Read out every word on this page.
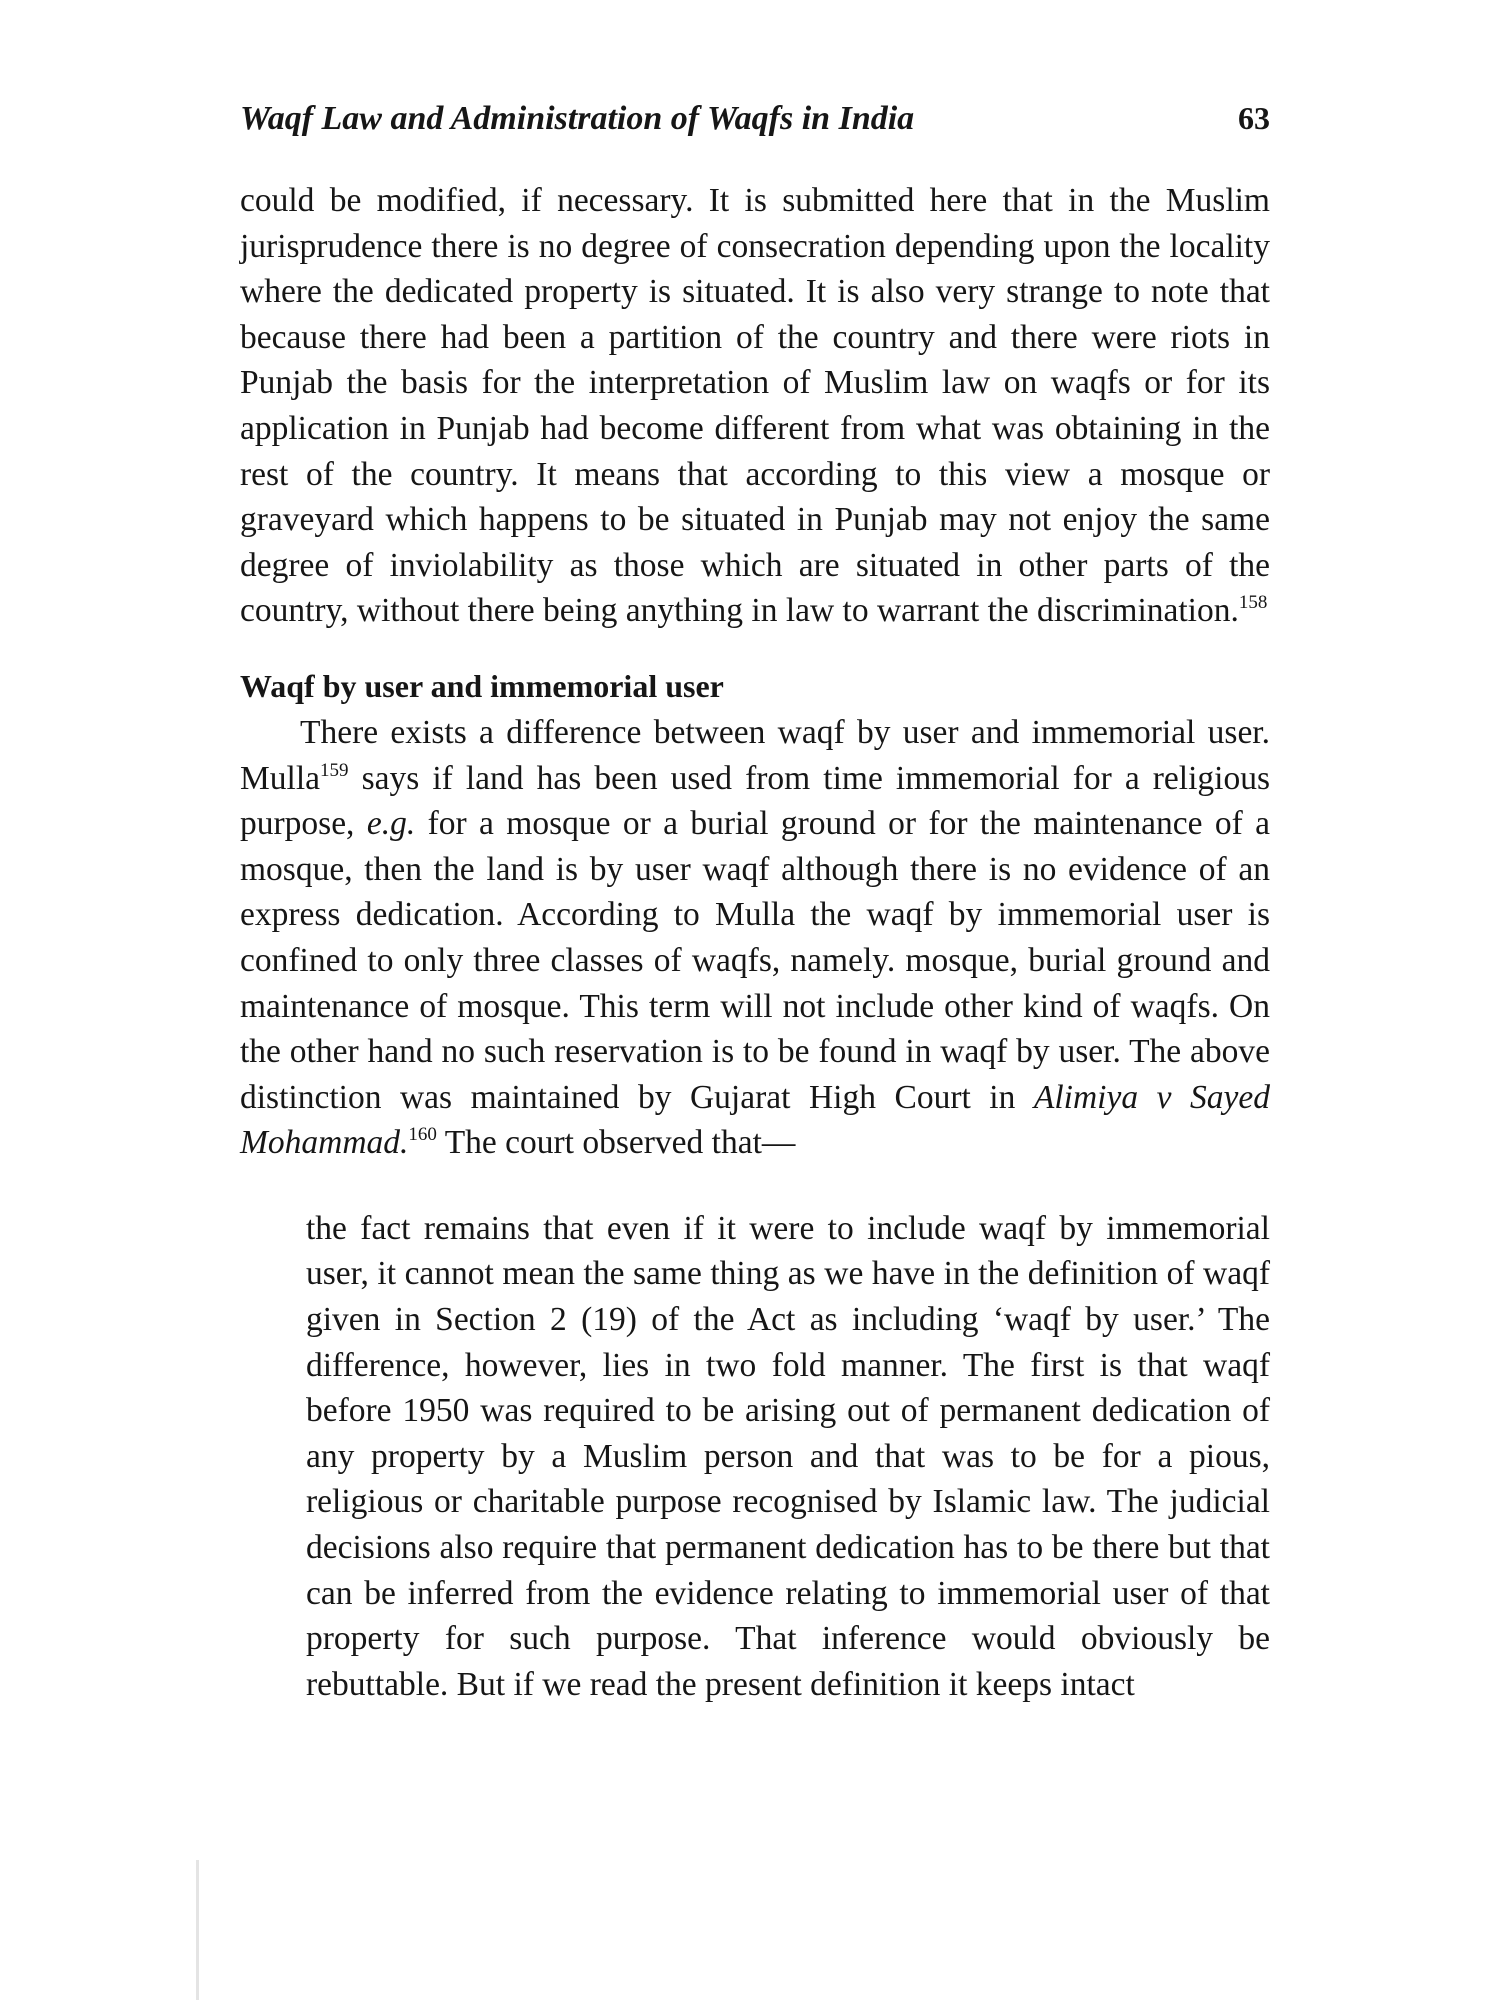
Waqf Law and Administration of Waqfs in India	63

could be modified, if necessary. It is submitted here that in the Muslim jurisprudence there is no degree of consecration depending upon the locality where the dedicated property is situated. It is also very strange to note that because there had been a partition of the country and there were riots in Punjab the basis for the interpretation of Muslim law on waqfs or for its application in Punjab had become different from what was obtaining in the rest of the country. It means that according to this view a mosque or graveyard which happens to be situated in Punjab may not enjoy the same degree of inviolability as those which are situated in other parts of the country, without there being anything in law to warrant the discrimination.$^{158}$

Waqf by user and immemorial user

There exists a difference between waqf by user and immemorial user. Mulla$^{159}$ says if land has been used from time immemorial for a religious purpose, e.g. for a mosque or a burial ground or for the maintenance of a mosque, then the land is by user waqf although there is no evidence of an express dedication. According to Mulla the waqf by immemorial user is confined to only three classes of waqfs, namely. mosque, burial ground and maintenance of mosque. This term will not include other kind of waqfs. On the other hand no such reservation is to be found in waqf by user. The above distinction was maintained by Gujarat High Court in Alimiya v Sayed Mohammad.$^{160}$ The court observed that—

the fact remains that even if it were to include waqf by immemorial user, it cannot mean the same thing as we have in the definition of waqf given in Section 2 (19) of the Act as including ‘waqf by user.’ The difference, however, lies in two fold manner. The first is that waqf before 1950 was required to be arising out of permanent dedication of any property by a Muslim person and that was to be for a pious, religious or charitable purpose recognised by Islamic law. The judicial decisions also require that permanent dedication has to be there but that can be inferred from the evidence relating to immemorial user of that property for such purpose. That inference would obviously be rebuttable. But if we read the present definition it keeps intact
